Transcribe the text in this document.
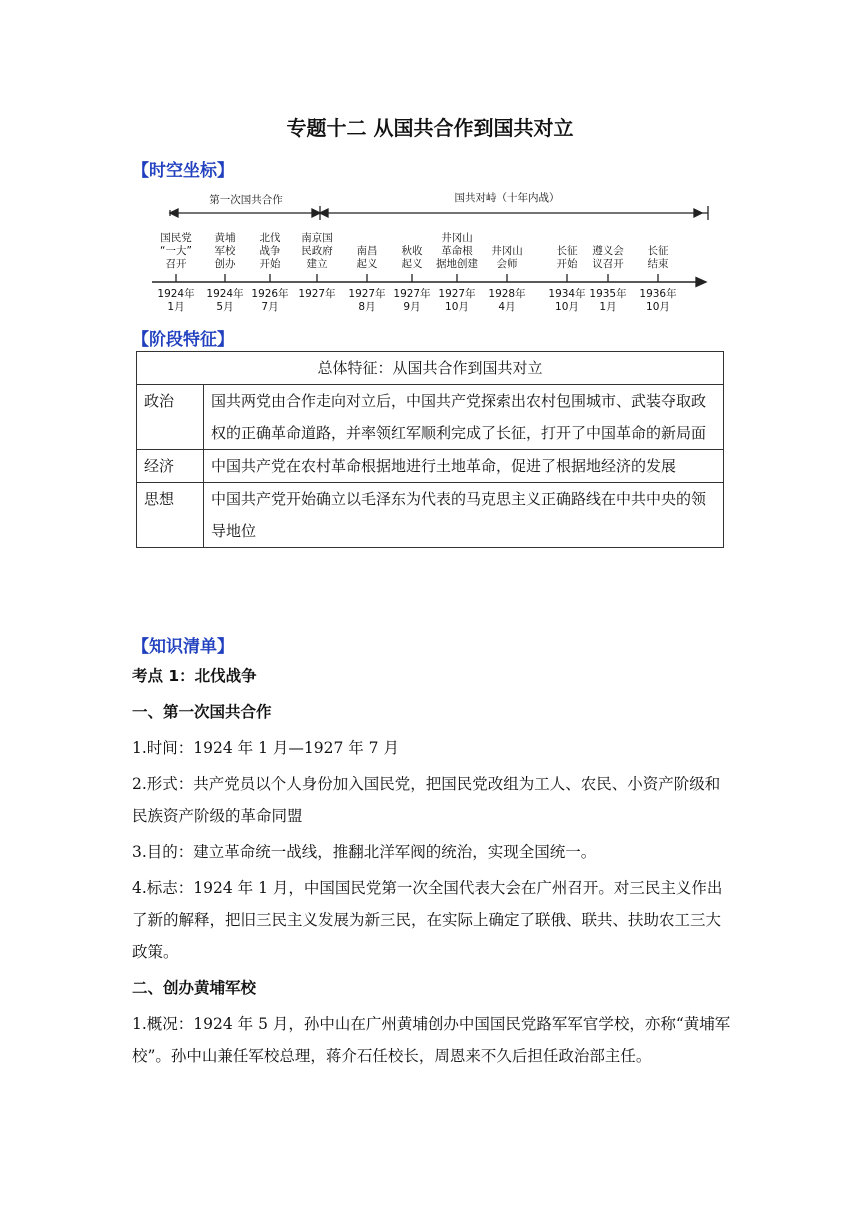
专题十二 从国共合作到国共对立
【时空坐标】
第一次国共合作	国共对峙（十年内战）
国民党
“一大”
召开
黄埔
军校
创办
北伐
战争
开始
南京国
民政府
建立
南昌
起义
秋收
起义
井冈山
革命根
据地创建
井冈山
会师
长征
开始
遵义会
议召开
长征
结束
1924年
1月
1924年
5月
1926年
7月
1927年 1927年
8月
1927年
9月
1927年
10月
1928年
4月
1934年
10月
1935年
1月
1936年
10月
【阶段特征】
总体特征：从国共合作到国共对立	
政治	国共两党由合作走向对立后，中国共产党探索出农村包围城市、武装夺取政权的正确革命道路，并率领红军顺利完成了长征，打开了中国革命的新局面
经济	中国共产党在农村革命根据地进行土地革命，促进了根据地经济的发展
思想	中国共产党开始确立以毛泽东为代表的马克思主义正确路线在中共中央的领导地位
【知识清单】

考点 1：北伐战争

一、第一次国共合作

1.时间：1924 年 1 月—1927 年 7 月

2.形式：共产党员以个人身份加入国民党，把国民党改组为工人、农民、小资产阶级和民族资产阶级的革命同盟

3.目的：建立革命统一战线，推翻北洋军阀的统治，实现全国统一。

4.标志：1924 年 1 月，中国国民党第一次全国代表大会在广州召开。对三民主义作出了新的解释，把旧三民主义发展为新三民，在实际上确定了联俄、联共、扶助农工三大政策。

二、创办黄埔军校

1.概况：1924 年 5 月，孙中山在广州黄埔创办中国国民党路军军官学校，亦称“黄埔军校”。孙中山兼任军校总理，蒋介石任校长，周恩来不久后担任政治部主任。
